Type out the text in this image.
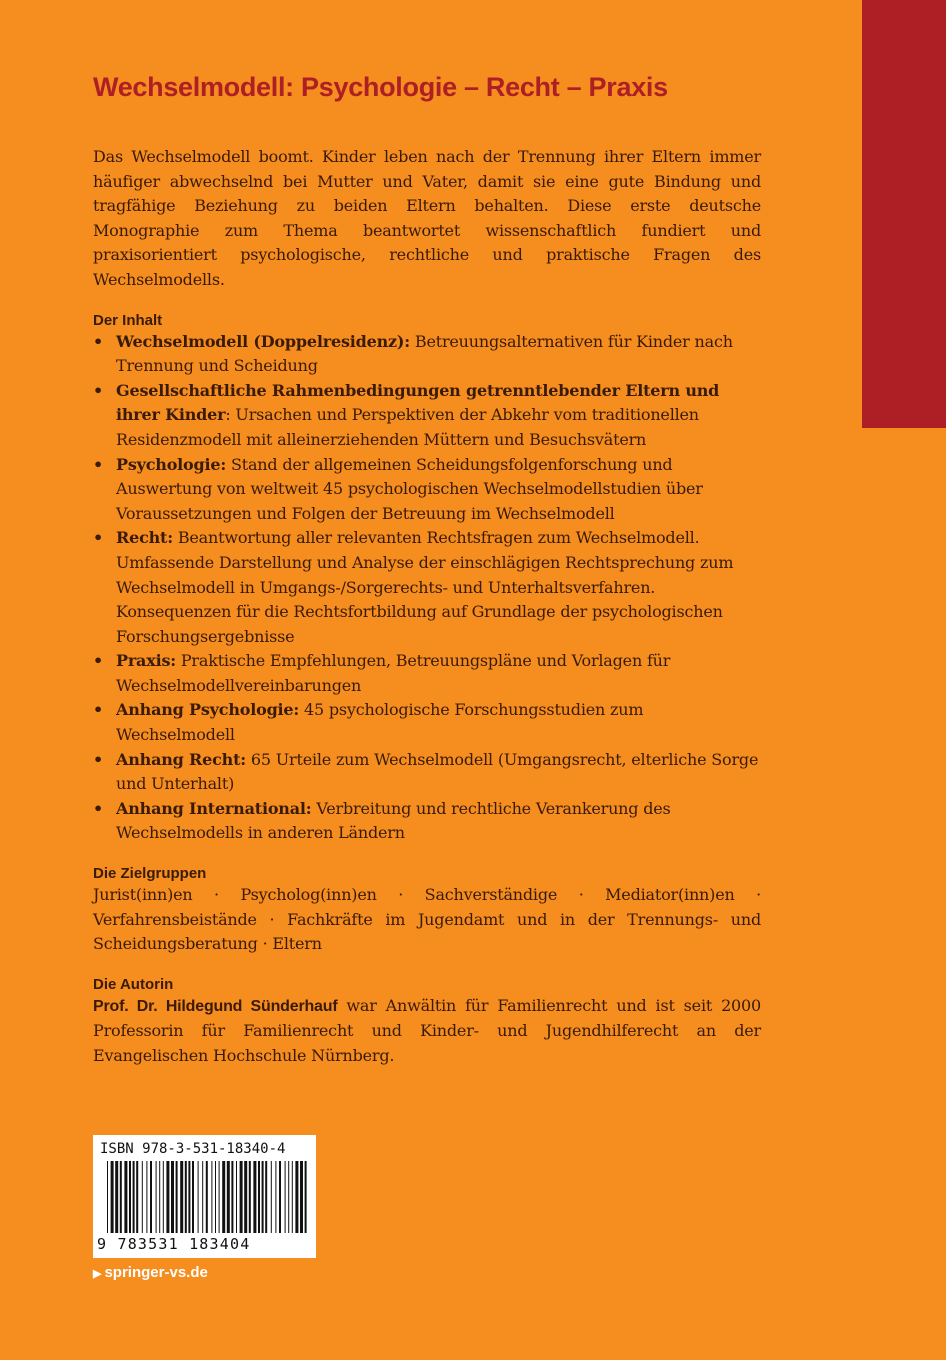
Wechselmodell: Psychologie – Recht – Praxis

Das Wechselmodell boomt. Kinder leben nach der Trennung ihrer Eltern immer häufiger abwechselnd bei Mutter und Vater, damit sie eine gute Bindung und tragfähige Beziehung zu beiden Eltern behalten. Diese erste deutsche Monographie zum Thema beantwortet wissenschaftlich fundiert und praxisorientiert psychologische, rechtliche und praktische Fragen des Wechselmodells.

Der Inhalt
• Wechselmodell (Doppelresidenz): Betreuungsalternativen für Kinder nach Trennung und Scheidung
• Gesellschaftliche Rahmenbedingungen getrenntlebender Eltern und ihrer Kinder: Ursachen und Perspektiven der Abkehr vom traditionellen Residenzmodell mit alleinerziehenden Müttern und Besuchsvätern
• Psychologie: Stand der allgemeinen Scheidungsfolgenforschung und Auswertung von weltweit 45 psychologischen Wechselmodellstudien über Voraussetzungen und Folgen der Betreuung im Wechselmodell
• Recht: Beantwortung aller relevanten Rechtsfragen zum Wechselmodell. Umfassende Darstellung und Analyse der einschlägigen Rechtsprechung zum Wechselmodell in Umgangs-/Sorgerechts- und Unterhaltsverfahren. Konsequenzen für die Rechtsfortbildung auf Grundlage der psychologischen Forschungsergebnisse
• Praxis: Praktische Empfehlungen, Betreuungspläne und Vorlagen für Wechselmodellvereinbarungen
• Anhang Psychologie: 45 psychologische Forschungsstudien zum Wechselmodell
• Anhang Recht: 65 Urteile zum Wechselmodell (Umgangsrecht, elterliche Sorge und Unterhalt)
• Anhang International: Verbreitung und rechtliche Verankerung des Wechselmodells in anderen Ländern
Die Zielgruppen

Jurist(inn)en · Psycholog(inn)en · Sachverständige · Mediator(inn)en · Verfahrensbeistände · Fachkräfte im Jugendamt und in der Trennungs- und Scheidungsberatung · Eltern

Die Autorin

Prof. Dr. Hildegund Sünderhauf war Anwältin für Familienrecht und ist seit 2000 Professorin für Familienrecht und Kinder- und Jugendhilferecht an der Evangelischen Hochschule Nürnberg.

ISBN 978-3-531-18340-4
9 783531 183404
▶ springer-vs.de
